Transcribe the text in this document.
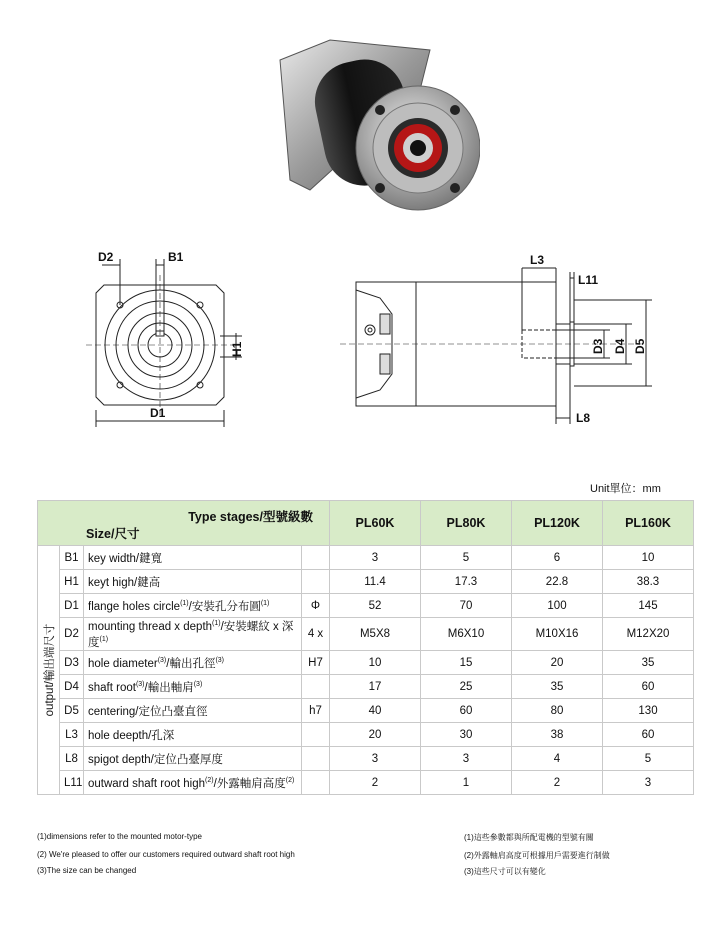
D2	B1
H1
D1
L3
L11
D3 D4 D5
L8
Unit單位：mm
Type stages/型號級數
Size/尺寸				PL60K	PL80K	PL120K	PL160K

output/輸出端尺寸	B1	key width/鍵寬		3	5	6	10
	H1	keyt high/鍵高		11.4	17.3	22.8	38.3
	D1	flange holes circle$^{(1)}$/安裝孔分布圓$^{(1)}$	Φ	52	70	100	145
	D2	mounting thread x depth$^{(1)}$/安裝螺紋 x 深度$^{(1)}$	4 x	M5X8	M6X10	M10X16	M12X20
	D3	hole diameter$^{(3)}$/輸出孔徑$^{(3)}$	H7	10	15	20	35
	D4	shaft root$^{(3)}$/輸出軸肩$^{(3)}$		17	25	35	60
	D5	centering/定位凸臺直徑	h7	40	60	80	130
	L3	hole deepth/孔深		20	30	38	60
	L8	spigot depth/定位凸臺厚度		3	3	4	5
	L11	outward shaft root high$^{(2)}$/外露軸肩高度$^{(2)}$		2	1	2	3
(1)dimensions refer to the mounted motor-type
(2) We're pleased to offer our customers required outward shaft root high
(3)The size can be changed
(1)這些參數都與所配電機的型號有關
(2)外露軸肩高度可根據用戶需要進行制做
(3)這些尺寸可以有變化
